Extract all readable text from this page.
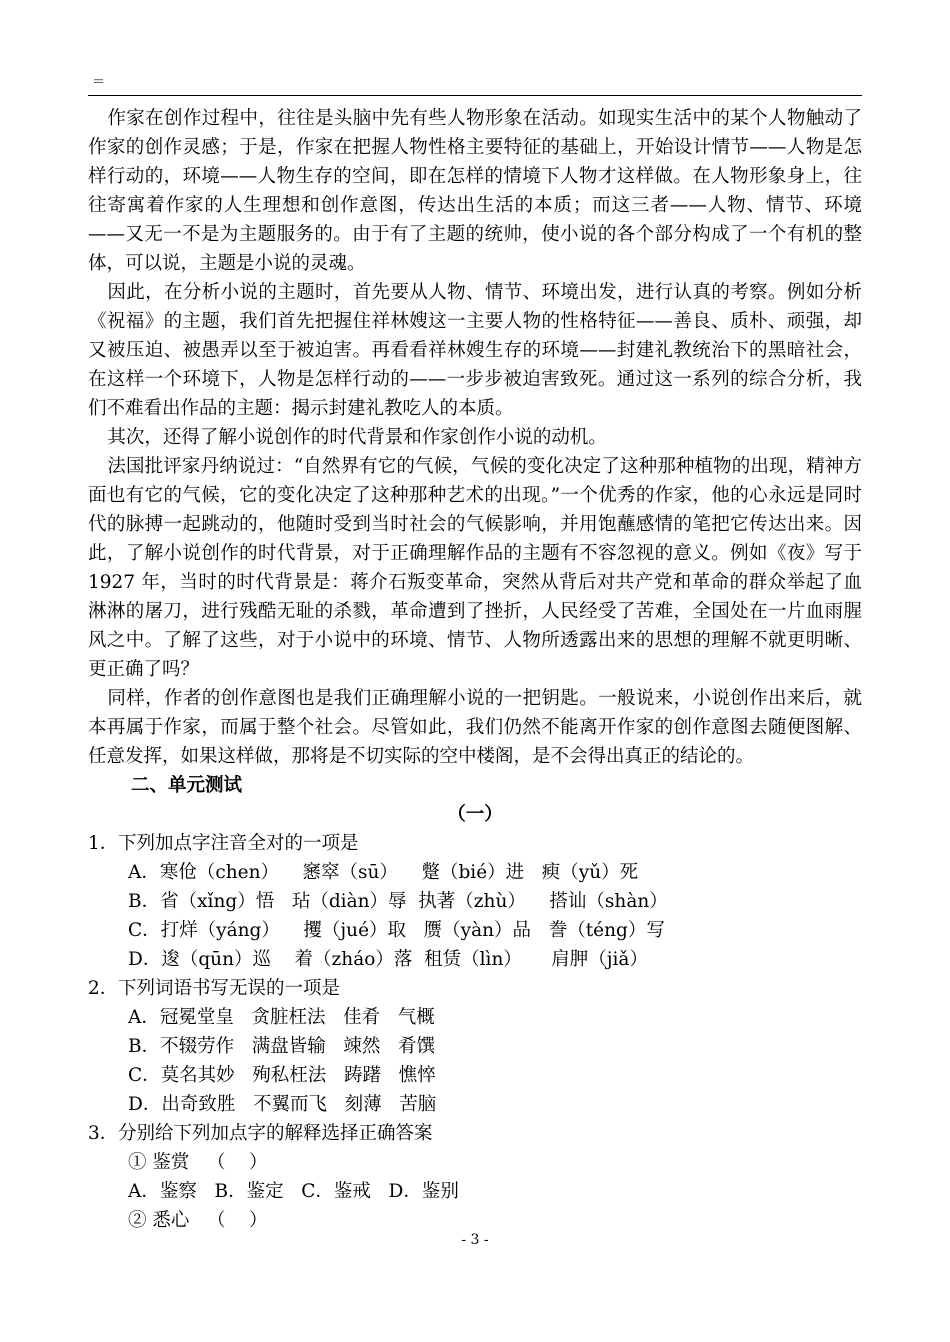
＝

作家在创作过程中，往往是头脑中先有些人物形象在活动。如现实生活中的某个人物触动了作家的创作灵感；于是，作家在把握人物性格主要特征的基础上，开始设计情节——人物是怎样行动的，环境——人物生存的空间，即在怎样的情境下人物才这样做。在人物形象身上，往往寄寓着作家的人生理想和创作意图，传达出生活的本质；而这三者——人物、情节、环境——又无一不是为主题服务的。由于有了主题的统帅，使小说的各个部分构成了一个有机的整体，可以说，主题是小说的灵魂。

因此，在分析小说的主题时，首先要从人物、情节、环境出发，进行认真的考察。例如分析《祝福》的主题，我们首先把握住祥林嫂这一主要人物的性格特征——善良、质朴、顽强，却又被压迫、被愚弄以至于被迫害。再看看祥林嫂生存的环境——封建礼教统治下的黑暗社会，在这样一个环境下，人物是怎样行动的——一步步被迫害致死。通过这一系列的综合分析，我们不难看出作品的主题：揭示封建礼教吃人的本质。

其次，还得了解小说创作的时代背景和作家创作小说的动机。

法国批评家丹纳说过：“自然界有它的气候，气候的变化决定了这种那种植物的出现，精神方面也有它的气候，它的变化决定了这种那种艺术的出现。”一个优秀的作家，他的心永远是同时代的脉搏一起跳动的，他随时受到当时社会的气候影响，并用饱蘸感情的笔把它传达出来。因此，了解小说创作的时代背景，对于正确理解作品的主题有不容忽视的意义。例如《夜》写于 1927 年，当时的时代背景是：蒋介石叛变革命，突然从背后对共产党和革命的群众举起了血淋淋的屠刀，进行残酷无耻的杀戮，革命遭到了挫折，人民经受了苦难，全国处在一片血雨腥风之中。了解了这些，对于小说中的环境、情节、人物所透露出来的思想的理解不就更明晰、更正确了吗？

同样，作者的创作意图也是我们正确理解小说的一把钥匙。一般说来，小说创作出来后，就本再属于作家，而属于整个社会。尽管如此，我们仍然不能离开作家的创作意图去随便图解、任意发挥，如果这样做，那将是不切实际的空中楼阁，是不会得出真正的结论的。

二、单元测试

（一）

1．下列加点字注音全对的一项是

A．寒伧（chen）    窸窣（sū）    蹩（bié）进   瘐（yǔ）死

B．省（xǐng）悟   玷（diàn）辱  执著（zhù）    搭讪（shàn）

C．打烊（yáng）    攫（jué）取   赝（yàn）品   誊（téng）写

D．逡（qūn）巡    着（zháo）落  租赁（lìn）     肩胛（jiǎ）

2．下列词语书写无误的一项是

A．冠冕堂皇   贪脏枉法   佳肴   气概

B．不辍劳作   满盘皆输   竦然   肴馔

C．莫名其妙   殉私枉法   踌躇   憔悴

D．出奇致胜   不翼而飞   刻薄   苦脑

3．分别给下列加点字的解释选择正确答案

① 鉴赏   （    ）

A．鉴察   B．鉴定   C．鉴戒   D．鉴别

② 悉心   （    ）

- 3 -
